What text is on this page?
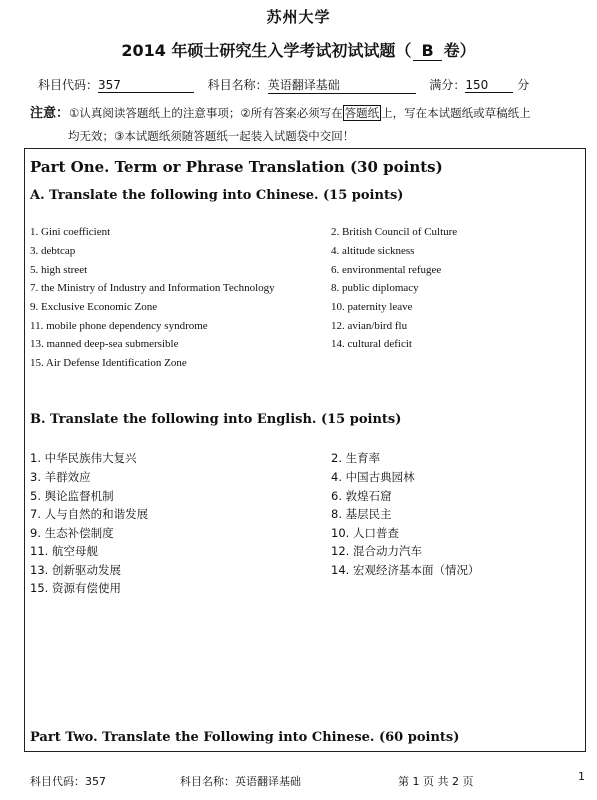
苏州大学
2014 年硕士研究生入学考试初试试题（ B 卷）
科目代码：357	科目名称：英语翻译基础	满分：150 分
注意：①认真阅读答题纸上的注意事项；②所有答案必须写在 答题纸 上，写在本试题纸或草稿纸上
均无效；③本试题纸须随答题纸一起装入试题袋中交回！
Part One. Term or Phrase Translation (30 points)
A. Translate the following into Chinese. (15 points)
1. Gini coefficient
3. debtcap
5. high street
7. the Ministry of Industry and Information Technology
9. Exclusive Economic Zone
11. mobile phone dependency syndrome
13. manned deep-sea submersible
15. Air Defense Identification Zone
2. British Council of Culture
4. altitude sickness
6. environmental refugee
8. public diplomacy
10. paternity leave
12. avian/bird flu
14. cultural deficit
B. Translate the following into English. (15 points)
1. 中华民族伟大复兴
3. 羊群效应
5. 舆论监督机制
7. 人与自然的和谐发展
9. 生态补偿制度
11. 航空母舰
13. 创新驱动发展
15. 资源有偿使用
2. 生育率
4. 中国古典园林
6. 敦煌石窟
8. 基层民主
10. 人口普查
12. 混合动力汽车
14. 宏观经济基本面（情况）
Part Two. Translate the Following into Chinese. (60 points)
科目代码：357	科目名称：英语翻译基础	第 1 页 共 2 页	1
